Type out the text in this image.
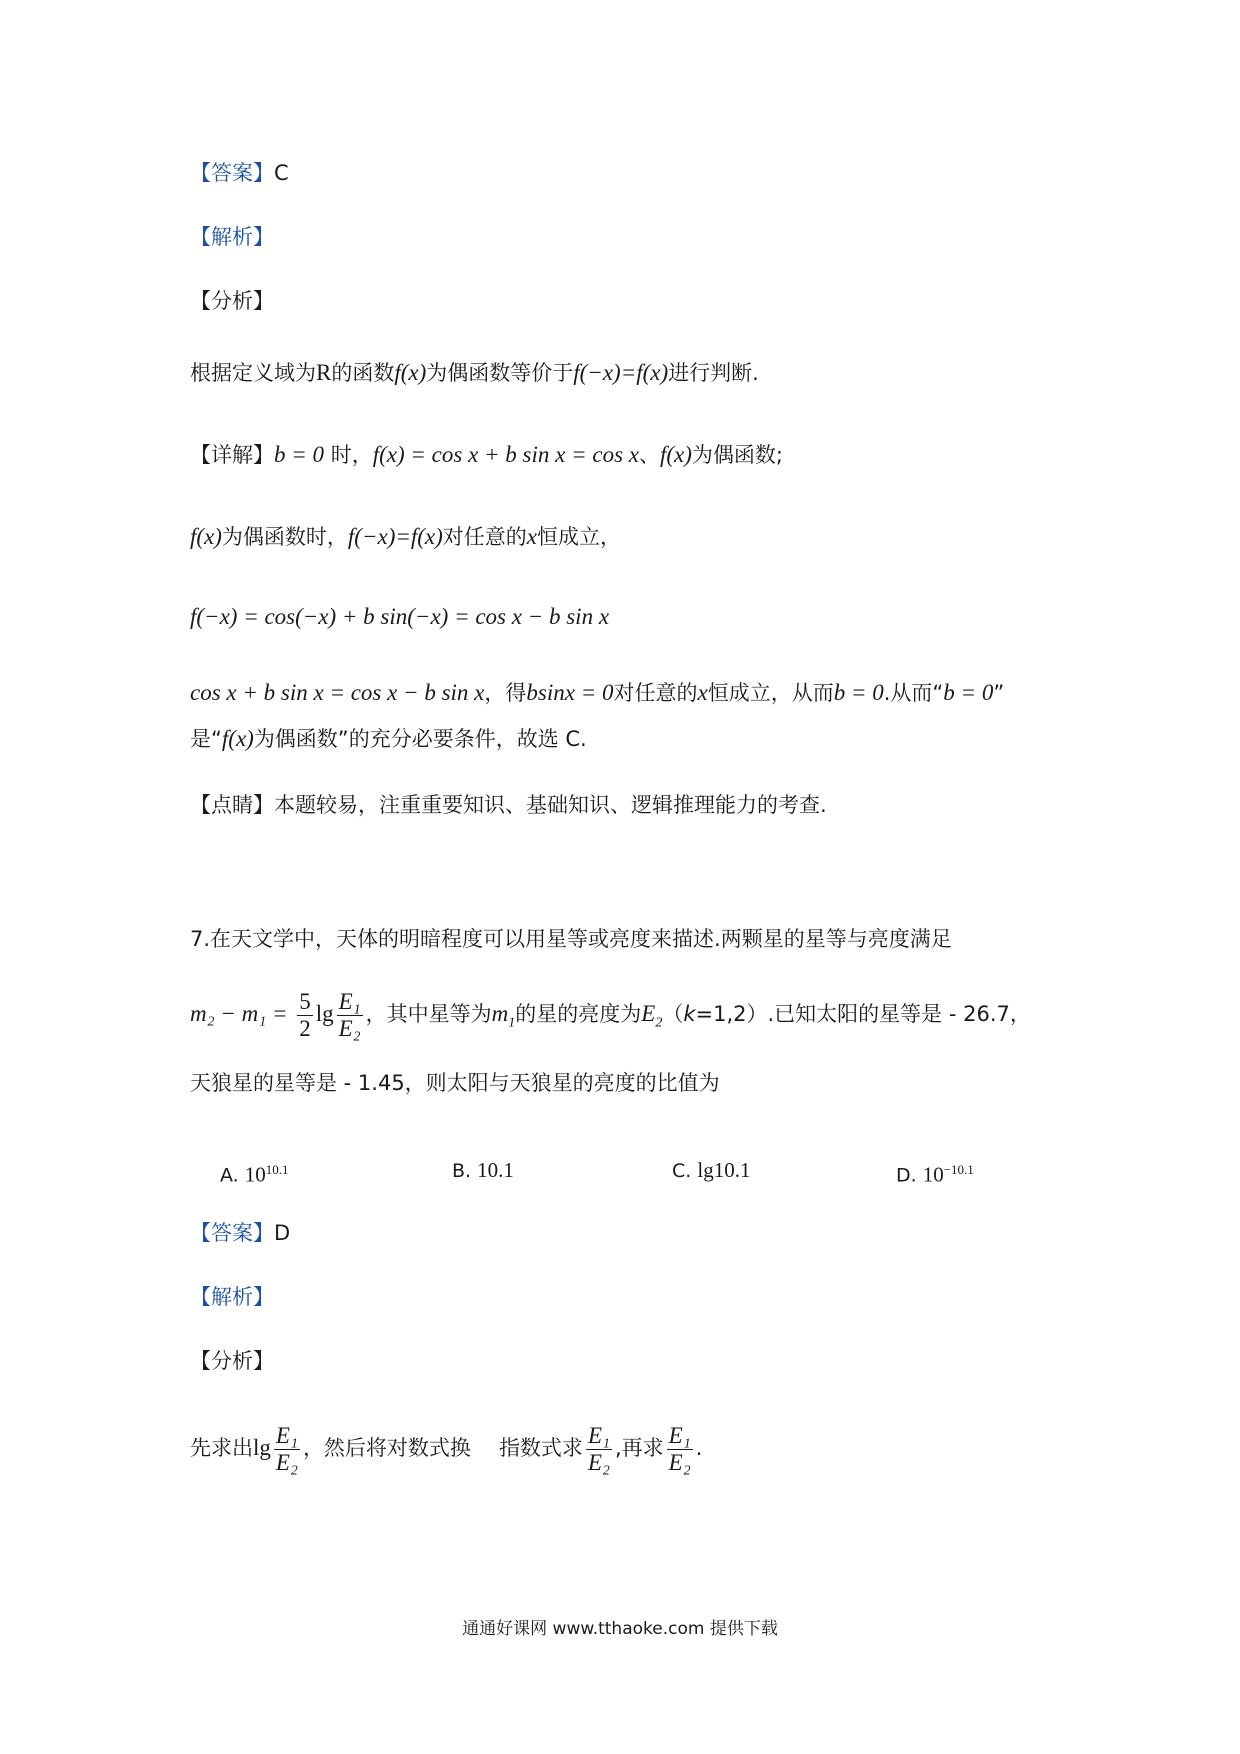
【答案】C
【解析】
【分析】
根据定义域为R的函数f(x)为偶函数等价于f(−x)=f(x)进行判断.
【详解】b = 0 时，f(x) = cos x + b sin x = cos x、f(x)为偶函数;
f(x)为偶函数时，f(−x)=f(x)对任意的x恒成立，
f(−x) = cos(−x) + b sin(−x) = cos x − b sin x
cos x + b sin x = cos x − b sin x，得bsinx = 0对任意的x恒成立，从而b = 0.从而“b = 0”
是“f(x)为偶函数”的充分必要条件，故选 C.
【点睛】本题较易，注重重要知识、基础知识、逻辑推理能力的考查.
7.在天文学中，天体的明暗程度可以用星等或亮度来描述.两颗星的星等与亮度满足
$m_2 - m_1 = \frac{5}{2}$ $\lg \frac{\text{E₁}}{\text{E₂}}$ ，其中星等为$m_1$的星的亮度为$E_2(k=1,2)$.已知太阳的星等是 - 26.7，
天狼星的星等是 - 1.45，则太阳与天狼星的亮度的比值为
A. $10^{10.1}$	B. 10.1	C. lg10.1	D. $10^{-10.1}$
【答案】D
【解析】
【分析】
先求出$\lg \frac{\text{E₁}}{\text{E₂}}$ ，然后将对数式换 指数式求 $\frac{\text{E₁}}{\text{E₂}}$ ,再求 $\frac{\text{E₁}}{\text{E₂}}$ .
通通好课网 www.tthaoke.com 提供下载
